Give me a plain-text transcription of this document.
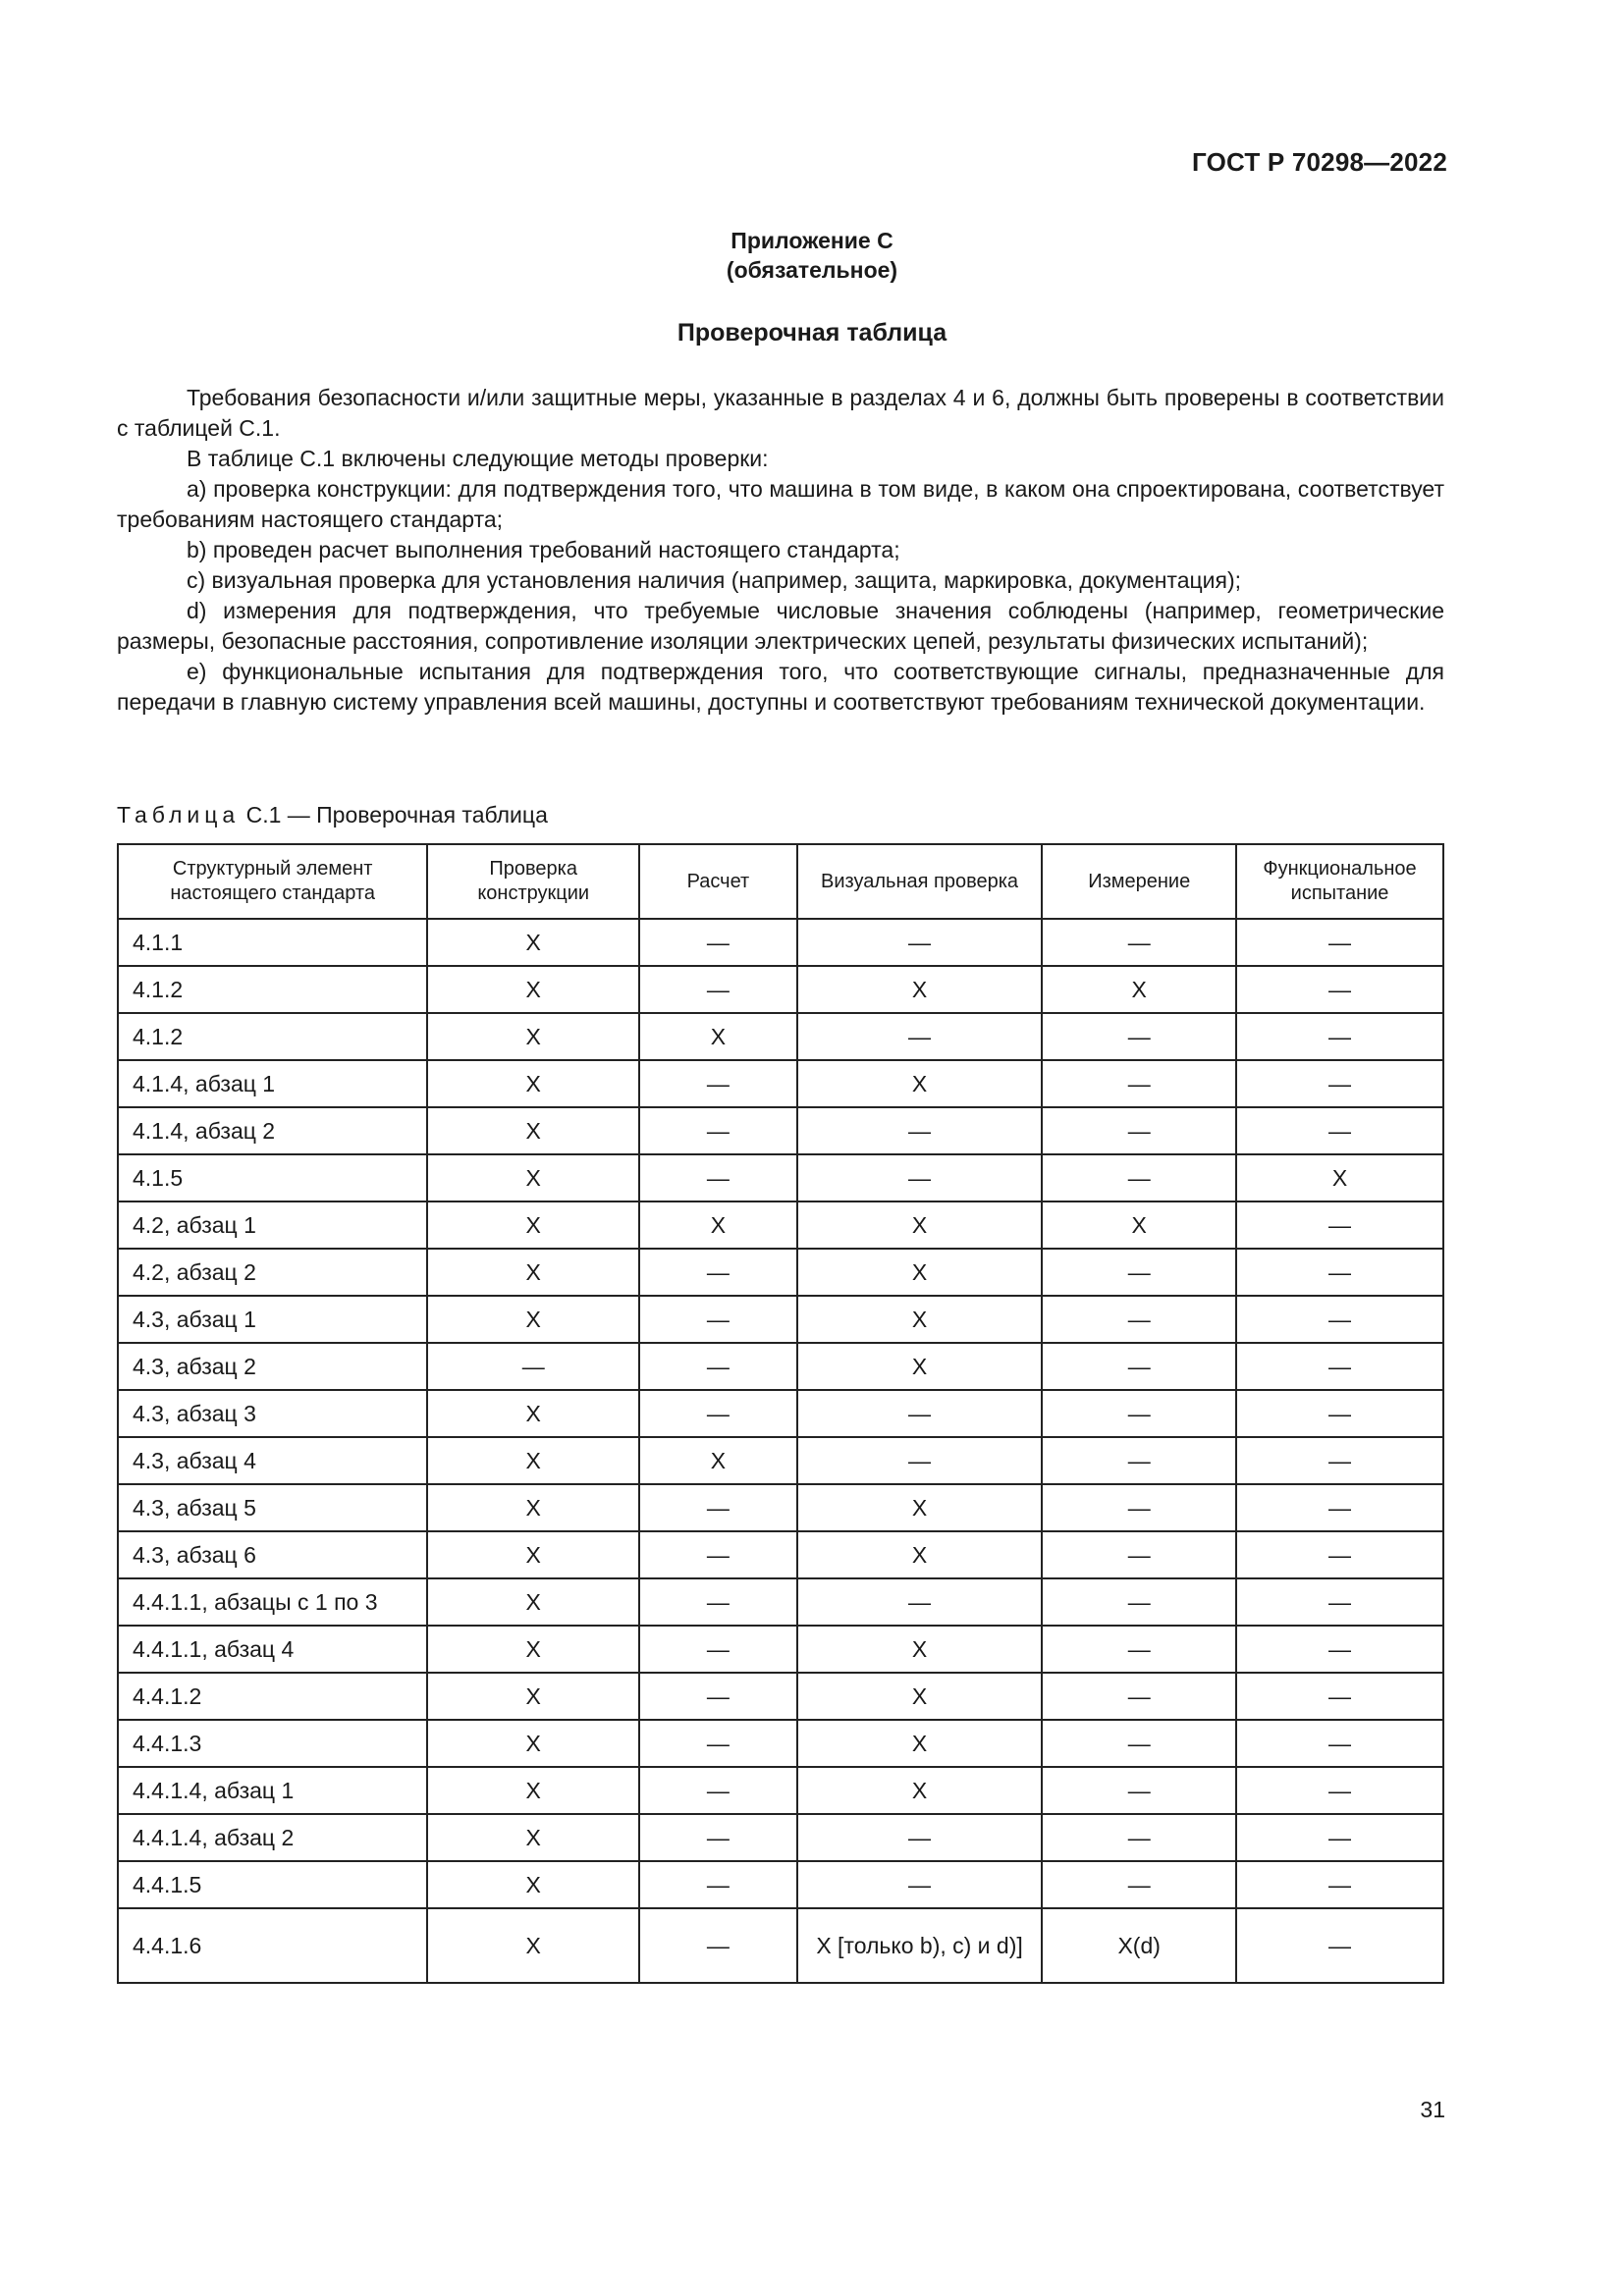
ГОСТ Р 70298—2022
Приложение С
(обязательное)
Проверочная таблица

Требования безопасности и/или защитные меры, указанные в разделах 4 и 6, должны быть проверены в соответствии с таблицей С.1.

В таблице С.1 включены следующие методы проверки:

а) проверка конструкции: для подтверждения того, что машина в том виде, в каком она спроектирована, соответствует требованиям настоящего стандарта;

b) проведен расчет выполнения требований настоящего стандарта;

c) визуальная проверка для установления наличия (например, защита, маркировка, документация);

d) измерения для подтверждения, что требуемые числовые значения соблюдены (например, геометрические размеры, безопасные расстояния, сопротивление изоляции электрических цепей, результаты физических испытаний);

е) функциональные испытания для подтверждения того, что соответствующие сигналы, предназначенные для передачи в главную систему управления всей машины, доступны и соответствуют требованиям технической документации.

Таблица С.1 — Проверочная таблица
Структурный элемент настоящего стандарта	Проверка конструкции	Расчет	Визуальная проверка	Измерение	Функциональное испытание
4.1.1	X	—	—	—	—
4.1.2	X	—	X	X	—
4.1.2	X	X	—	—	—
4.1.4, абзац 1	X	—	X	—	—
4.1.4, абзац 2	X	—	—	—	—
4.1.5	X	—	—	—	X
4.2, абзац 1	X	X	X	X	—
4.2, абзац 2	X	—	X	—	—
4.3, абзац 1	X	—	X	—	—
4.3, абзац 2	—	—	X	—	—
4.3, абзац 3	X	—	—	—	—
4.3, абзац 4	X	X	—	—	—
4.3, абзац 5	X	—	X	—	—
4.3, абзац 6	X	—	X	—	—
4.4.1.1, абзацы с 1 по 3	X	—	—	—	—
4.4.1.1, абзац 4	X	—	X	—	—
4.4.1.2	X	—	X	—	—
4.4.1.3	X	—	X	—	—
4.4.1.4, абзац 1	X	—	X	—	—
4.4.1.4, абзац 2	X	—	—	—	—
4.4.1.5	X	—	—	—	—
4.4.1.6	X	—	X [только b), c) и d)]	X(d)	—
31
